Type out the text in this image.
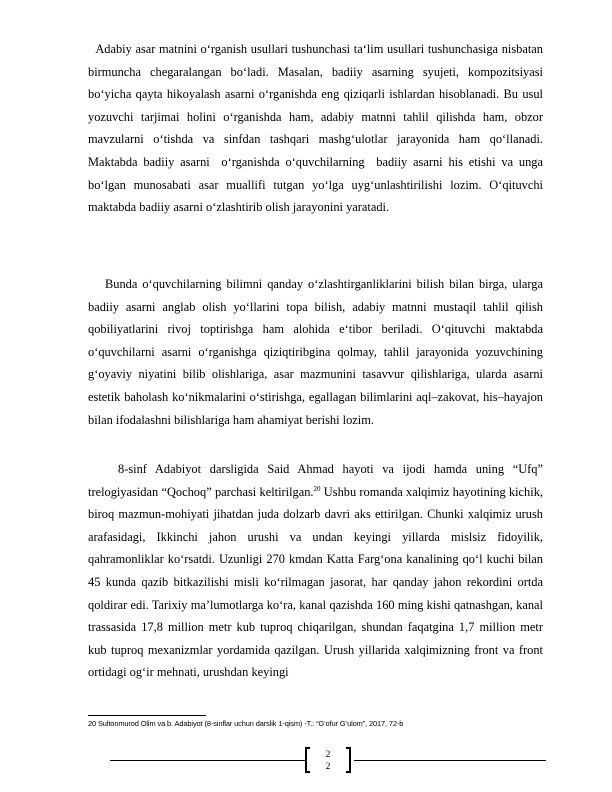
Adabiy asar matnini o‘rganish usullari tushunchasi ta‘lim usullari tushunchasiga nisbatan birmuncha chegaralangan bo‘ladi. Masalan, badiiy asarning syujeti, kompozitsiyasi bo‘yicha qayta hikoyalash asarni o‘rganishda eng qiziqarli ishlardan hisoblanadi. Bu usul yozuvchi tarjimai holini o‘rganishda ham, adabiy matnni tahlil qilishda ham, obzor mavzularni o‘tishda va sinfdan tashqari mashg‘ulotlar jarayonida ham qo‘llanadi. Maktabda badiiy asarni  o‘rganishda o‘quvchilarning  badiiy asarni his etishi va unga bo‘lgan munosabati asar muallifi tutgan yo‘lga uyg‘unlashtirilishi lozim. O‘qituvchi maktabda badiiy asarni o‘zlashtirib olish jarayonini yaratadi.

Bunda o‘quvchilarning bilimni qanday o‘zlashtirganliklarini bilish bilan birga, ularga badiiy asarni anglab olish yo‘llarini topa bilish, adabiy matnni mustaqil tahlil qilish qobiliyatlarini rivoj toptirishga ham alohida e‘tibor beriladi. O‘qituvchi maktabda o‘quvchilarni asarni o‘rganishga qiziqtiribgina qolmay, tahlil jarayonida yozuvchining g‘oyaviy niyatini bilib olishlariga, asar mazmunini tasavvur qilishlariga, ularda asarni estetik baholash ko‘nikmalarini o‘stirishga, egallagan bilimlarini aql–zakovat, his–hayajon bilan ifodalashni bilishlariga ham ahamiyat berishi lozim.

8-sinf Adabiyot darsligida Said Ahmad hayoti va ijodi hamda uning “Ufq” trelogiyasidan “Qochoq” parchasi keltirilgan.$^{20}$ Ushbu romanda xalqimiz hayotining kichik, biroq mazmun-mohiyati jihatdan juda dolzarb davri aks ettirilgan. Chunki xalqimiz urush arafasidagi, Ikkinchi jahon urushi va undan keyingi yillarda mislsiz fidoyilik, qahramonliklar ko‘rsatdi. Uzunligi 270 kmdan Katta Farg‘ona kanalining qo‘l kuchi bilan 45 kunda qazib bitkazilishi misli ko‘rilmagan jasorat, har qanday jahon rekordini ortda qoldirar edi. Tarixiy ma’lumotlarga ko‘ra, kanal qazishda 160 ming kishi qatnashgan, kanal trassasida 17,8 million metr kub tuproq chiqarilgan, shundan faqatgina 1,7 million metr kub tuproq mexanizmlar yordamida qazilgan. Urush yillarida xalqimizning front va front ortidagi og‘ir mehnati, urushdan keyingi

20 Sultonmurod Olim va b. Adabiyot (8-sinflar uchun darslik 1-qism) -T.: “G‘ofur G‘ulom”, 2017, 72-b
2
2
